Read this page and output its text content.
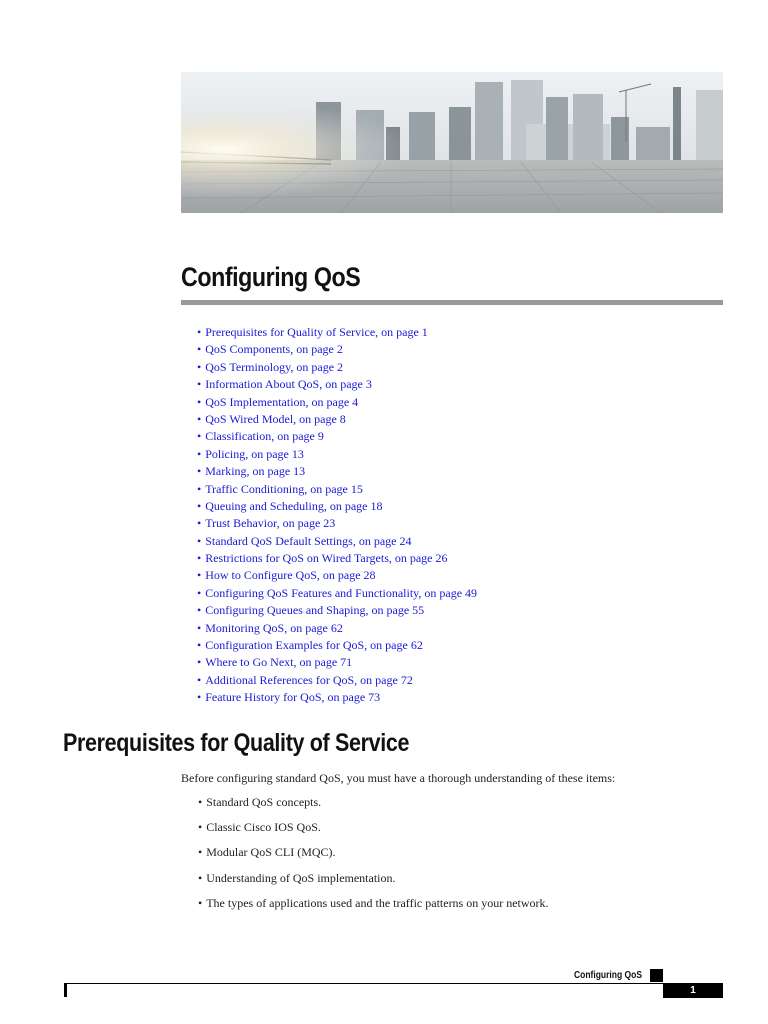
Configuring QoS
• Prerequisites for Quality of Service, on page 1
• QoS Components, on page 2
• QoS Terminology, on page 2
• Information About QoS, on page 3
• QoS Implementation, on page 4
• QoS Wired Model, on page 8
• Classification, on page 9
• Policing, on page 13
• Marking, on page 13
• Traffic Conditioning, on page 15
• Queuing and Scheduling, on page 18
• Trust Behavior, on page 23
• Standard QoS Default Settings, on page 24
• Restrictions for QoS on Wired Targets, on page 26
• How to Configure QoS, on page 28
• Configuring QoS Features and Functionality, on page 49
• Configuring Queues and Shaping, on page 55
• Monitoring QoS, on page 62
• Configuration Examples for QoS, on page 62
• Where to Go Next, on page 71
• Additional References for QoS, on page 72
• Feature History for QoS, on page 73
Prerequisites for Quality of Service

Before configuring standard QoS, you must have a thorough understanding of these items:

• Standard QoS concepts.
• Classic Cisco IOS QoS.
• Modular QoS CLI (MQC).
• Understanding of QoS implementation.
• The types of applications used and the traffic patterns on your network.
Configuring QoS
1
